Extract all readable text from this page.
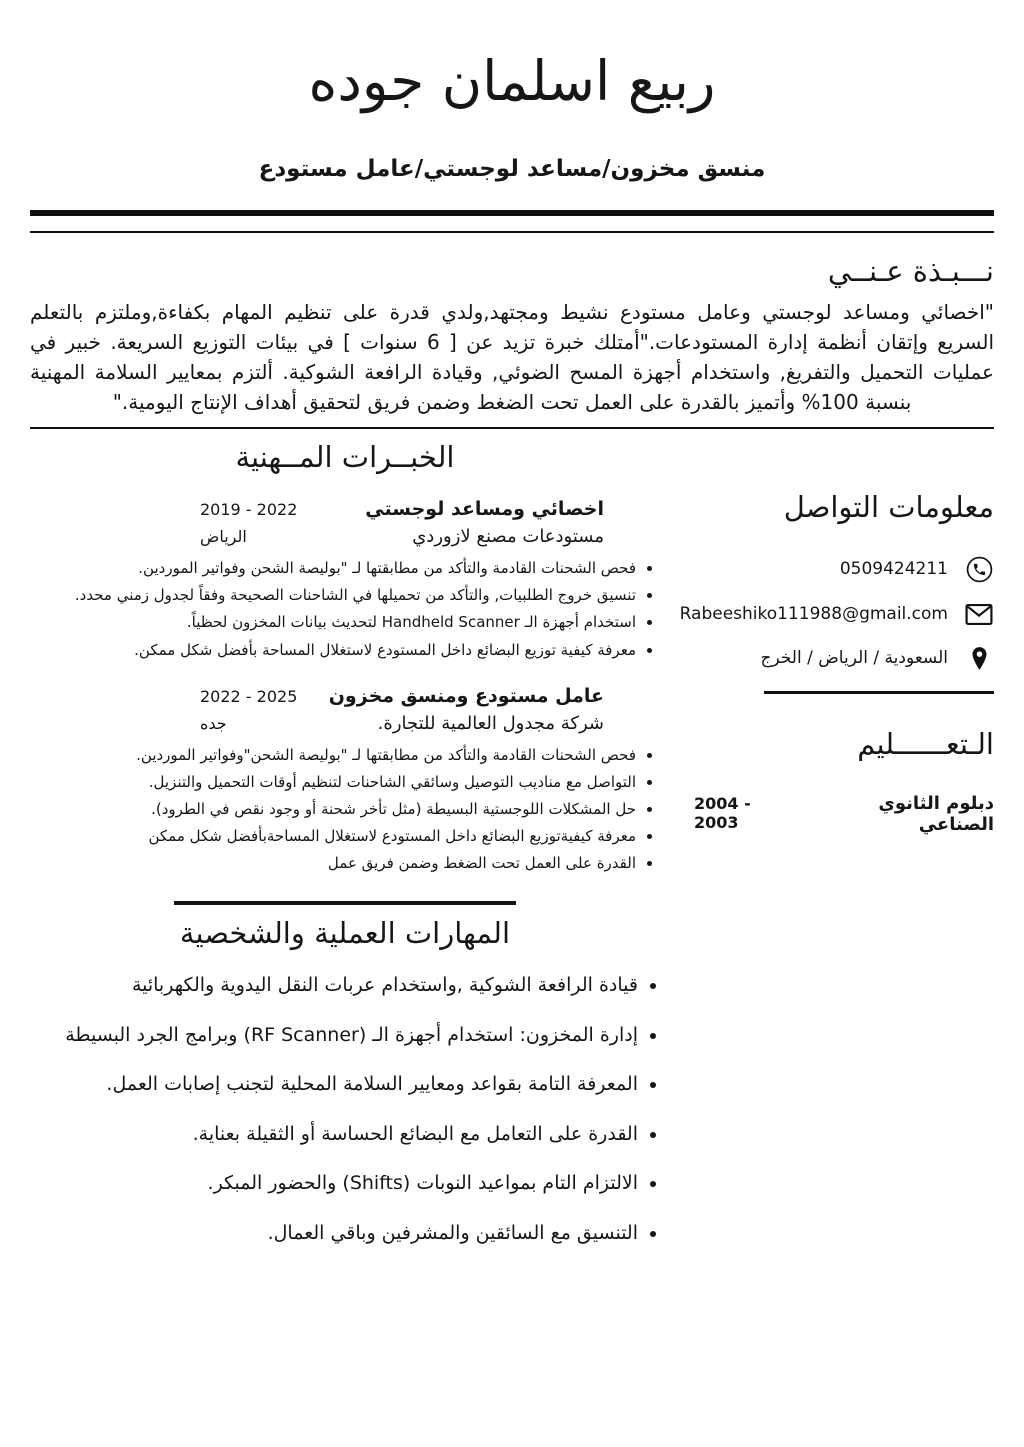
ربيع اسلمان جوده
منسق مخزون/مساعد لوجستي/عامل مستودع
نـــبـذة عـنــي

"اخصائي ومساعد لوجستي وعامل مستودع نشيط ومجتهد,ولدي قدرة على تنظيم المهام بكفاءة,وملتزم بالتعلم السريع وإتقان أنظمة إدارة المستودعات."أمتلك خبرة تزيد عن [ 6 سنوات ] في بيئات التوزيع السريعة. خبير في عمليات التحميل والتفريغ, واستخدام أجهزة المسح الضوئي, وقيادة الرافعة الشوكية. ألتزم بمعايير السلامة المهنية بنسبة 100% وأتميز بالقدرة على العمل تحت الضغط وضمن فريق لتحقيق أهداف الإنتاج اليومية."

معلومات التواصل
0509424211
Rabeeshiko111988@gmail.com
السعودية / الرياض / الخرج
الـتعــــــليم
دبلوم الثانوي الصناعي
2004 - 2003
الخبــرات المــهنية
اخصائي ومساعد لوجستي
2019 - 2022
مستودعات مصنع لازوردي
الرياض
• فحص الشحنات القادمة والتأكد من مطابقتها لـ "بوليصة الشحن وفواتير الموردين.
• تنسيق خروج الطلبيات, والتأكد من تحميلها في الشاحنات الصحيحة وفقاً لجدول زمني محدد.
• استخدام أجهزة الـ Handheld Scanner لتحديث بيانات المخزون لحظياً.
• معرفة كيفية توزيع البضائع داخل المستودع لاستغلال المساحة بأفضل شكل ممكن.
عامل مستودع ومنسق مخزون
2022 - 2025
شركة مجدول العالمية للتجارة.
جده
• فحص الشحنات القادمة والتأكد من مطابقتها لـ "بوليصة الشحن"وفواتير الموردين.
• التواصل مع مناديب التوصيل وسائقي الشاحنات لتنظيم أوقات التحميل والتنزيل.
• حل المشكلات اللوجستية البسيطة (مثل تأخر شحنة أو وجود نقص في الطرود).
• معرفة كيفيةتوزيع البضائع داخل المستودع لاستغلال المساحةبأفضل شكل ممكن
• القدرة على العمل تحت الضغط وضمن فريق عمل
المهارات العملية والشخصية
• قيادة الرافعة الشوكية ,واستخدام عربات النقل اليدوية والكهربائية
• إدارة المخزون: استخدام أجهزة الـ (RF Scanner) وبرامج الجرد البسيطة
• المعرفة التامة بقواعد ومعايير السلامة المحلية لتجنب إصابات العمل.
• القدرة على التعامل مع البضائع الحساسة أو الثقيلة بعناية.
• الالتزام التام بمواعيد النوبات (Shifts) والحضور المبكر.
• التنسيق مع السائقين والمشرفين وباقي العمال.
